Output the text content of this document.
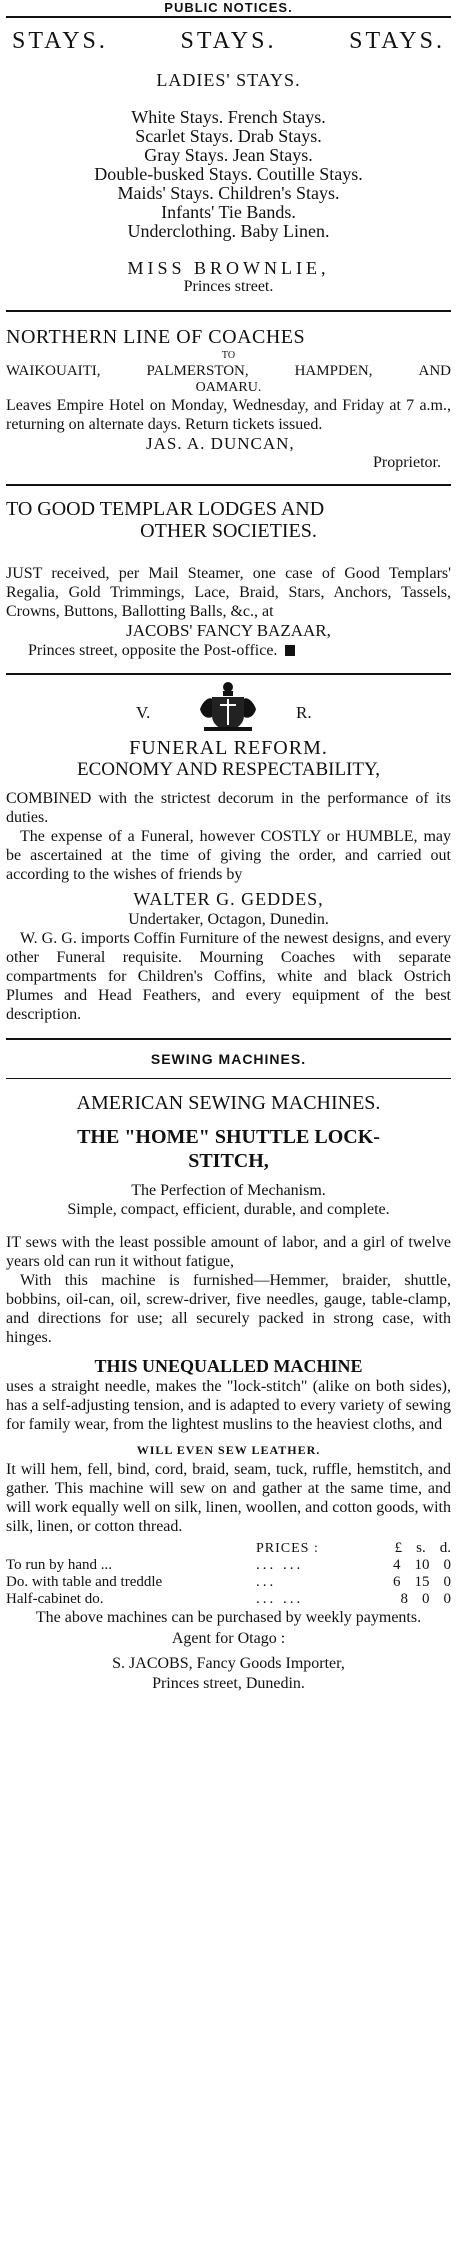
PUBLIC NOTICES.
STAYS.	STAYS.	STAYS.
LADIES' STAYS.
White Stays. French Stays.
Scarlet Stays. Drab Stays.
Gray Stays. Jean Stays.
Double-busked Stays. Coutille Stays.
Maids' Stays. Children's Stays.
Infants' Tie Bands.
Underclothing. Baby Linen.
MISS BROWNLIE,
Princes street.
NORTHERN LINE OF COACHES
TO
WAIKOUAITI,	PALMERSTON,	HAMPDEN,	AND
OAMARU.
Leaves Empire Hotel on Monday, Wednesday, and Friday at 7 a.m., returning on alternate days. Return tickets issued.
JAS. A. DUNCAN,
Proprietor.
TO GOOD TEMPLAR LODGES AND
OTHER SOCIETIES.
JUST received, per Mail Steamer, one case of Good Templars' Regalia, Gold Trimmings, Lace, Braid, Stars, Anchors, Tassels, Crowns, Buttons, Ballotting Balls, &c., at
JACOBS' FANCY BAZAAR,
Princes street, opposite the Post-office.
V.	R.
FUNERAL REFORM.
ECONOMY AND RESPECTABILITY,
COMBINED with the strictest decorum in the performance of its duties.
The expense of a Funeral, however COSTLY or HUMBLE, may be ascertained at the time of giving the order, and carried out according to the wishes of friends by
WALTER G. GEDDES,
Undertaker, Octagon, Dunedin.
W. G. G. imports Coffin Furniture of the newest designs, and every other Funeral requisite. Mourning Coaches with separate compartments for Children's Coffins, white and black Ostrich Plumes and Head Feathers, and every equipment of the best description.
SEWING MACHINES.
AMERICAN SEWING MACHINES.
THE "HOME" SHUTTLE LOCK-
STITCH,
The Perfection of Mechanism.
Simple, compact, efficient, durable, and complete.
IT sews with the least possible amount of labor, and a girl of twelve years old can run it without fatigue,
With this machine is furnished—Hemmer, braider, shuttle, bobbins, oil-can, oil, screw-driver, five needles, gauge, table-clamp, and directions for use; all securely packed in strong case, with hinges.
THIS UNEQUALLED MACHINE
uses a straight needle, makes the "lock-stitch" (alike on both sides), has a self-adjusting tension, and is adapted to every variety of sewing for family wear, from the lightest muslins to the heaviest cloths, and
WILL EVEN SEW LEATHER.
It will hem, fell, bind, cord, braid, seam, tuck, ruffle, hemstitch, and gather. This machine will sew on and gather at the same time, and will work equally well on silk, linen, woollen, and cotton goods, with silk, linen, or cotton thread.
PRICES :	£ s. d.
To run by hand ...	... ...	4 10 0
Do. with table and treddle	...	6 15 0
Half-cabinet do.	... ...	8 0 0
The above machines can be purchased by weekly payments.
Agent for Otago :
S. JACOBS, Fancy Goods Importer,
Princes street, Dunedin.
